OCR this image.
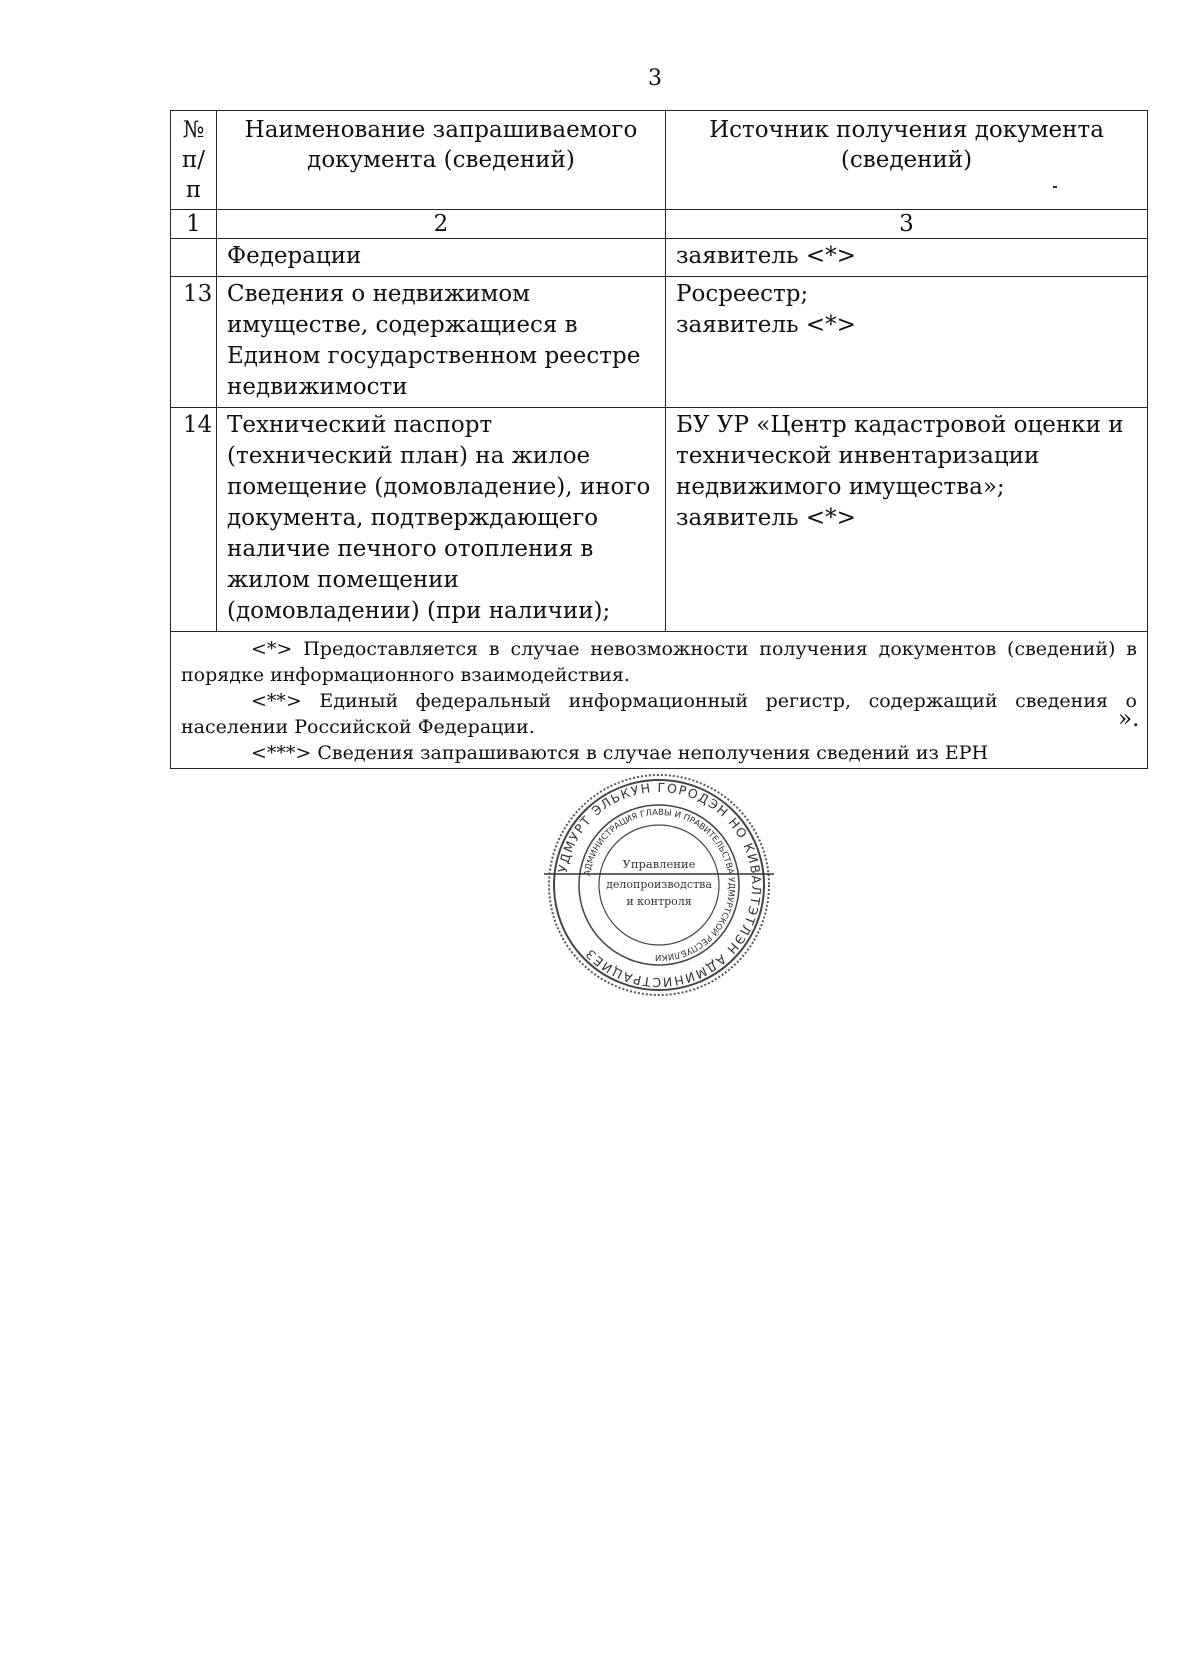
3
№
п/п	Наименование запрашиваемого документа (сведений)	Источник получения документа (сведений)
1	2	3
	Федерации	заявитель <*>
13	Сведения о недвижимом имуществе, содержащиеся в Едином государственном реестре недвижимости	Росреестр;
заявитель <*>
14	Технический паспорт (технический план) на жилое помещение (домовладение), иного документа, подтверждающего наличие печного отопления в жилом помещении (домовладении) (при наличии);	БУ УР «Центр кадастровой оценки и технической инвентаризации недвижимого имущества»;
заявитель <*>

<*> Предоставляется в случае невозможности получения документов (сведений) в порядке информационного взаимодействия.

<**> Единый федеральный информационный регистр, содержащий сведения о населении Российской Федерации.

<***> Сведения запрашиваются в случае неполучения сведений из ЕРН		

».
УДМУРТ ЭЛЬКУН ГОРОДЭН НО КИВАЛТЭТЛЭН АДМИНИСТРАЦИЕЗ
АДМИНИСТРАЦИЯ ГЛАВЫ И ПРАВИТЕЛЬСТВА УДМУРТСКОЙ РЕСПУБЛИКИ
Управление
делопроизводства
и контроля
